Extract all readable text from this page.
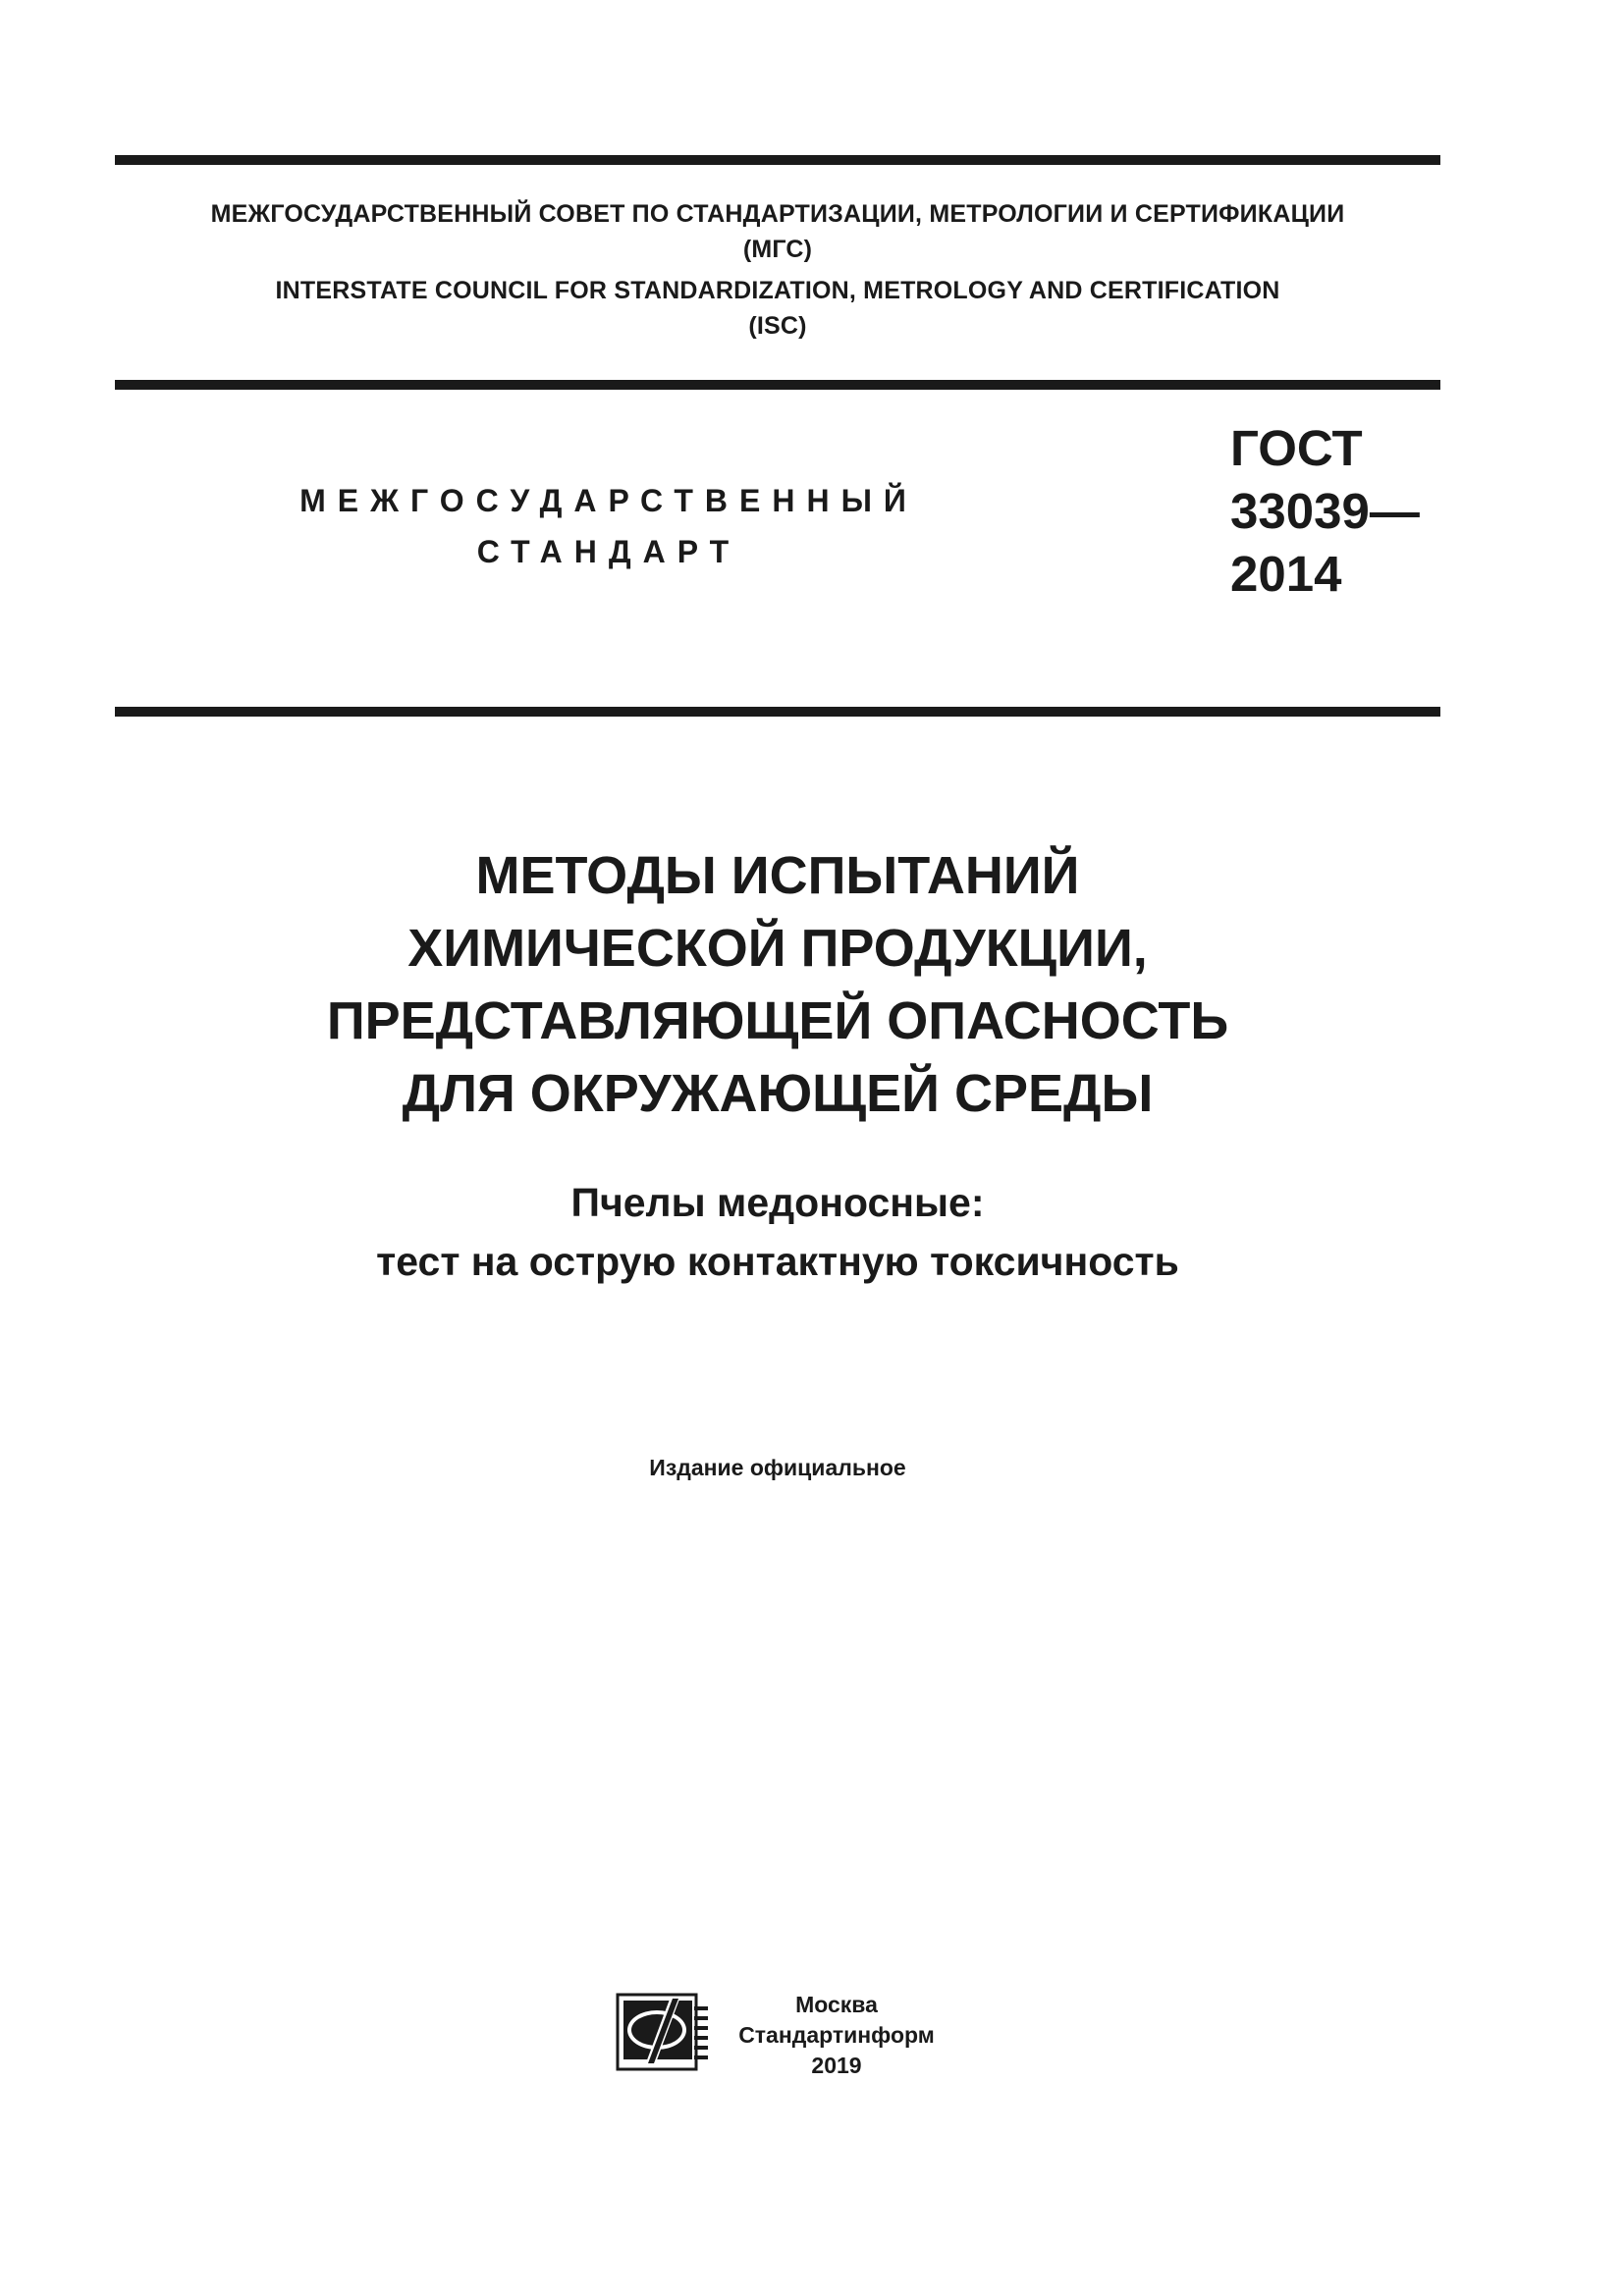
МЕЖГОСУДАРСТВЕННЫЙ СОВЕТ ПО СТАНДАРТИЗАЦИИ, МЕТРОЛОГИИ И СЕРТИФИКАЦИИ
(МГС)
INTERSTATE COUNCIL FOR STANDARDIZATION, METROLOGY AND CERTIFICATION
(ISC)
МЕЖГОСУДАРСТВЕННЫЙ
СТАНДАРТ
ГОСТ
33039—
2014
МЕТОДЫ ИСПЫТАНИЙ
ХИМИЧЕСКОЙ ПРОДУКЦИИ,
ПРЕДСТАВЛЯЮЩЕЙ ОПАСНОСТЬ
ДЛЯ ОКРУЖАЮЩЕЙ СРЕДЫ
Пчелы медоносные:
тест на острую контактную токсичность
Издание официальное
Москва
Стандартинформ
2019
